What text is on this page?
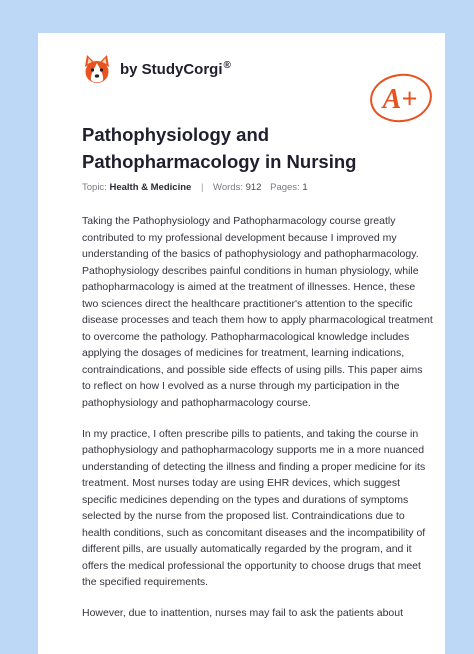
by StudyCorgi®
A+
Pathophysiology and Pathopharmacology in Nursing
Topic: Health & Medicine | Words: 912 Pages: 1

Taking the Pathophysiology and Pathopharmacology course greatly contributed to my professional development because I improved my understanding of the basics of pathophysiology and pathopharmacology. Pathophysiology describes painful conditions in human physiology, while pathopharmacology is aimed at the treatment of illnesses. Hence, these two sciences direct the healthcare practitioner's attention to the specific disease processes and teach them how to apply pharmacological treatment to overcome the pathology. Pathopharmacological knowledge includes applying the dosages of medicines for treatment, learning indications, contraindications, and possible side effects of using pills. This paper aims to reflect on how I evolved as a nurse through my participation in the pathophysiology and pathopharmacology course.

In my practice, I often prescribe pills to patients, and taking the course in pathophysiology and pathopharmacology supports me in a more nuanced understanding of detecting the illness and finding a proper medicine for its treatment. Most nurses today are using EHR devices, which suggest specific medicines depending on the types and durations of symptoms selected by the nurse from the proposed list. Contraindications due to health conditions, such as concomitant diseases and the incompatibility of different pills, are usually automatically regarded by the program, and it offers the medical professional the opportunity to choose drugs that meet the specified requirements.

However, due to inattention, nurses may fail to ask the patients about
